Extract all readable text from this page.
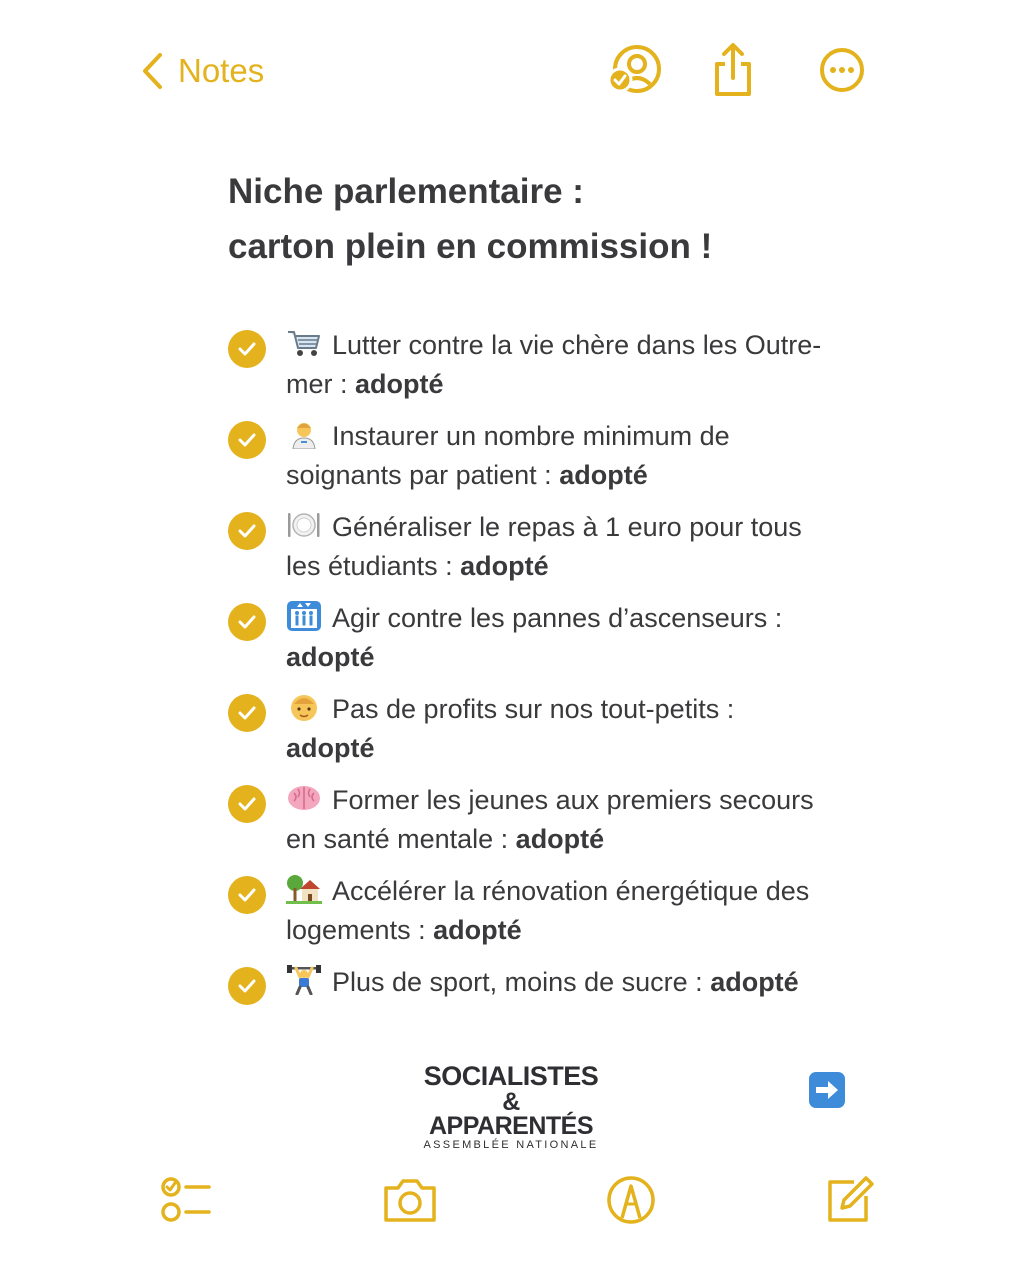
Notes
Niche parlementaire :
carton plein en commission !
Lutter contre la vie chère dans les Outre-mer : adopté
Instaurer un nombre minimum de soignants par patient : adopté
Généraliser le repas à 1 euro pour tous les étudiants : adopté
Agir contre les pannes d’ascenseurs : adopté
Pas de profits sur nos tout-petits : adopté
Former les jeunes aux premiers secours en santé mentale : adopté
Accélérer la rénovation énergétique des logements : adopté
Plus de sport, moins de sucre : adopté
SOCIALISTES
& APPARENTÉS
ASSEMBLÉE NATIONALE
